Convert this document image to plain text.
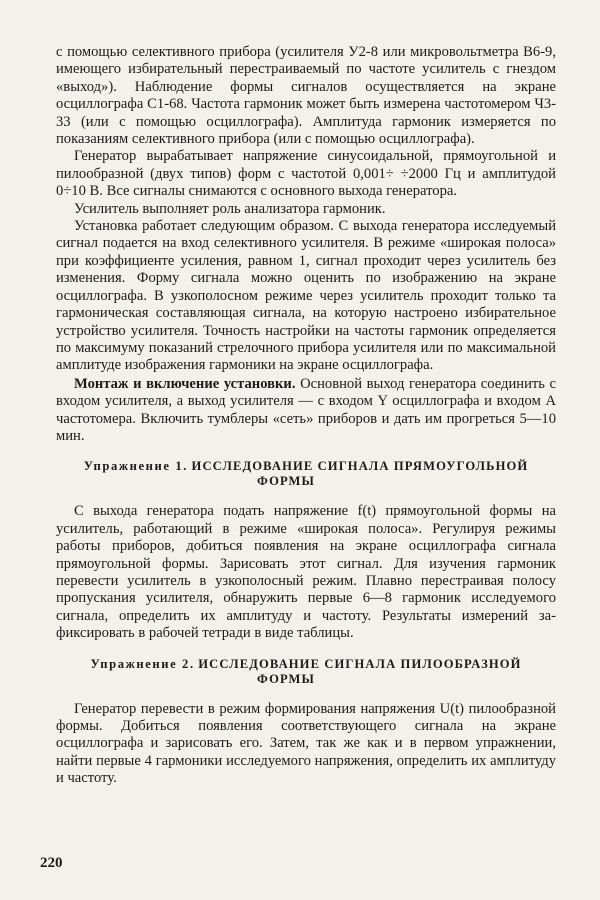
с помощью селективного прибора (усилителя У2-8 или микровольтметра В6-9, имеющего избирательный перестраиваемый по частоте усилитель с гнездом «выход»). Наблюдение формы сигналов осуществляется на экране осциллографа С1-68. Частота гармоник может быть измерена частотомером Ч3-33 (или с помощью осциллографа). Амплитуда гармоник измеряется по показаниям селективного прибора (или с помощью осциллографа).

Генератор вырабатывает напряжение синусоидальной, прямоугольной и пилообразной (двух типов) форм с частотой 0,001÷ ÷2000 Гц и амплитудой 0÷10 В. Все сигналы снимаются с основного выхода генератора.

Усилитель выполняет роль анализатора гармоник.

Установка работает следующим образом. С выхода генератора исследуемый сигнал подается на вход селективного усилителя. В режиме «широкая полоса» при коэффициенте усиления, равном 1, сигнал проходит через усилитель без изменения. Форму сигнала можно оценить по изображению на экране осциллографа. В узкополосном режиме через усилитель проходит только та гармоническая составляющая сигнала, на которую настроено избирательное устройство усилителя. Точность настройки на частоты гармоник определяется по максимуму показаний стрелочного прибора усилителя или по максимальной амплитуде изображения гармоники на экране осциллографа.

Монтаж и включение установки. Основной выход генератора соединить с входом усилителя, а выход усилителя — с входом Y осциллографа и входом A частотомера. Включить тумблеры «сеть» приборов и дать им прогреться 5—10 мин.

Упражнение 1. ИССЛЕДОВАНИЕ СИГНАЛА ПРЯМОУГОЛЬНОЙ
ФОРМЫ

С выхода генератора подать напряжение f(t) прямоугольной формы на усилитель, работающий в режиме «широкая полоса». Регулируя режимы работы приборов, добиться появления на экране осциллографа сигнала прямоугольной формы. Зарисовать этот сигнал. Для изучения гармоник перевести усилитель в узкополосный режим. Плавно перестраивая полосу пропускания усилителя, обнаружить первые 6—8 гармоник исследуемого сигнала, определить их амплитуду и частоту. Результаты измерений зафиксировать в рабочей тетради в виде таблицы.

Упражнение 2. ИССЛЕДОВАНИЕ СИГНАЛА ПИЛООБРАЗНОЙ
ФОРМЫ

Генератор перевести в режим формирования напряжения U(t) пилообразной формы. Добиться появления соответствующего сигнала на экране осциллографа и зарисовать его. Затем, так же как и в первом упражнении, найти первые 4 гармоники исследуемого напряжения, определить их амплитуду и частоту.

220
